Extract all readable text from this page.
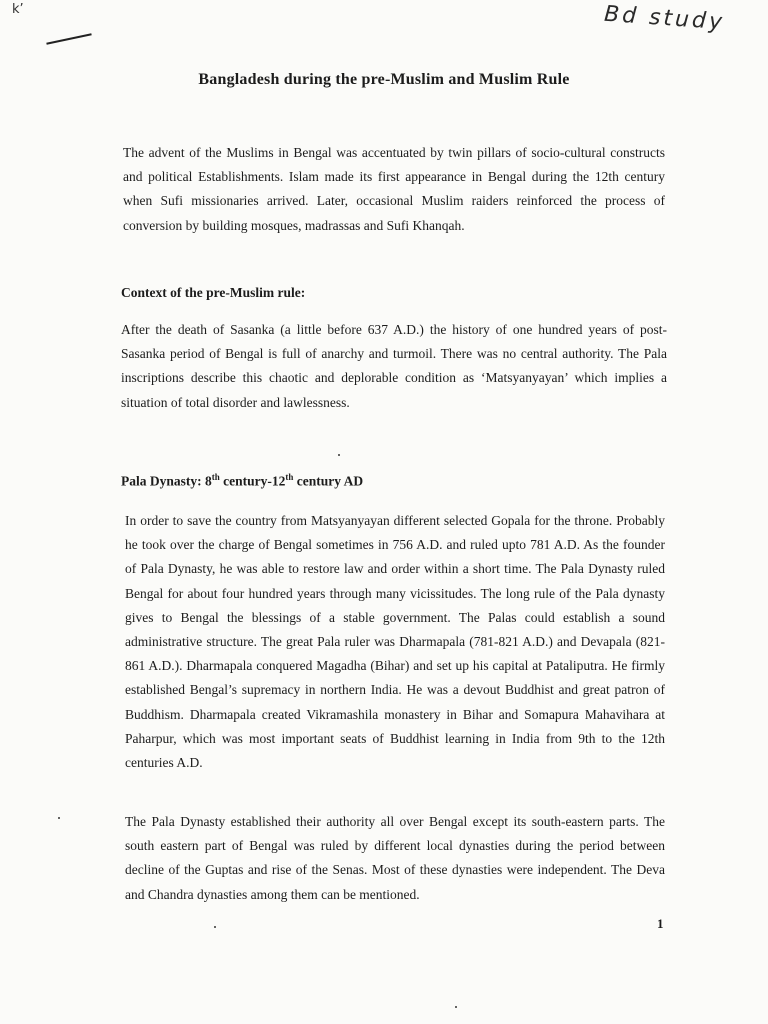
k’	Bd study
Bangladesh during the pre-Muslim and Muslim Rule

The advent of the Muslims in Bengal was accentuated by twin pillars of socio-cultural constructs and political Establishments. Islam made its first appearance in Bengal during the 12th century when Sufi missionaries arrived. Later, occasional Muslim raiders reinforced the process of conversion by building mosques, madrassas and Sufi Khanqah.

Context of the pre-Muslim rule:

After the death of Sasanka (a little before 637 A.D.) the history of one hundred years of post-Sasanka period of Bengal is full of anarchy and turmoil. There was no central authority. The Pala inscriptions describe this chaotic and deplorable condition as ‘Matsyanyayan’ which implies a situation of total disorder and lawlessness.

Pala Dynasty: 8th century-12th century AD

In order to save the country from Matsyanyayan different selected Gopala for the throne. Probably he took over the charge of Bengal sometimes in 756 A.D. and ruled upto 781 A.D. As the founder of Pala Dynasty, he was able to restore law and order within a short time. The Pala Dynasty ruled Bengal for about four hundred years through many vicissitudes. The long rule of the Pala dynasty gives to Bengal the blessings of a stable government. The Palas could establish a sound administrative structure. The great Pala ruler was Dharmapala (781-821 A.D.) and Devapala (821-861 A.D.). Dharmapala conquered Magadha (Bihar) and set up his capital at Pataliputra. He firmly established Bengal’s supremacy in northern India. He was a devout Buddhist and great patron of Buddhism. Dharmapala created Vikramashila monastery in Bihar and Somapura Mahavihara at Paharpur, which was most important seats of Buddhist learning in India from 9th to the 12th centuries A.D.

The Pala Dynasty established their authority all over Bengal except its south-eastern parts. The south eastern part of Bengal was ruled by different local dynasties during the period between decline of the Guptas and rise of the Senas. Most of these dynasties were independent. The Deva and Chandra dynasties among them can be mentioned.

1
